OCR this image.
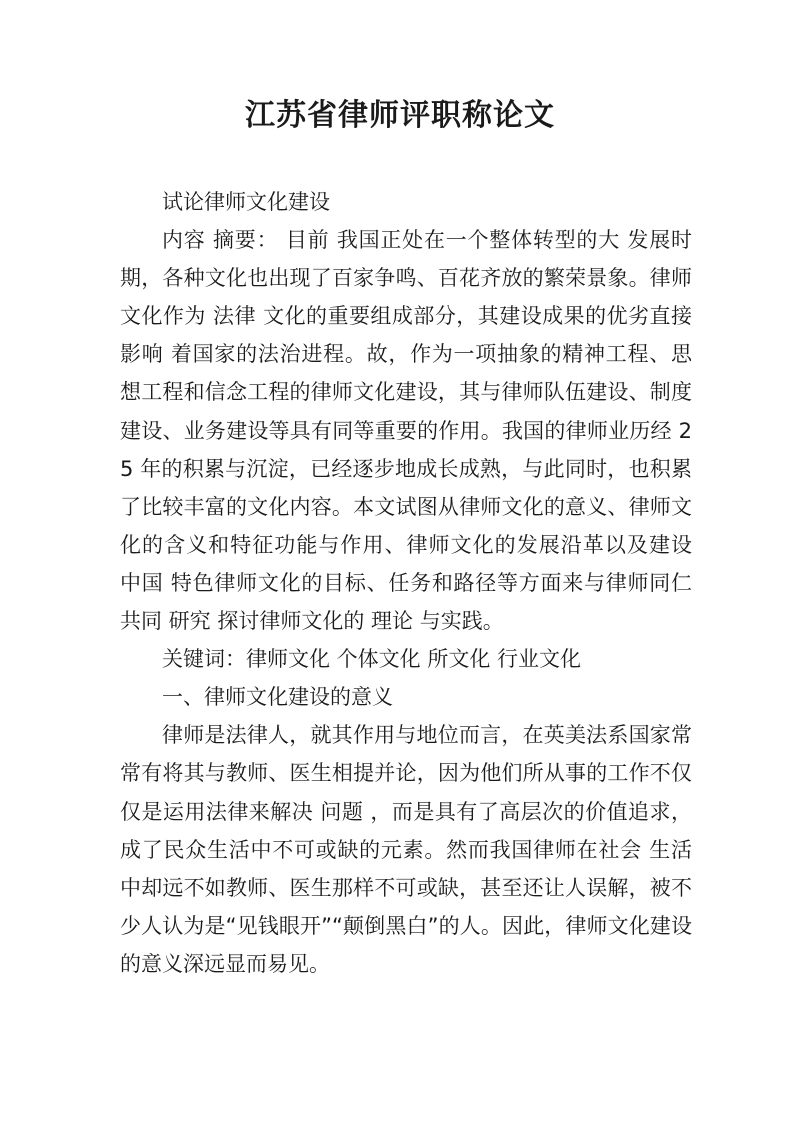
江苏省律师评职称论文

试论律师文化建设

内容 摘要： 目前 我国正处在一个整体转型的大 发展时期，各种文化也出现了百家争鸣、百花齐放的繁荣景象。律师文化作为 法律 文化的重要组成部分，其建设成果的优劣直接 影响 着国家的法治进程。故，作为一项抽象的精神工程、思想工程和信念工程的律师文化建设，其与律师队伍建设、制度建设、业务建设等具有同等重要的作用。我国的律师业历经 25 年的积累与沉淀，已经逐步地成长成熟，与此同时，也积累了比较丰富的文化内容。本文试图从律师文化的意义、律师文化的含义和特征功能与作用、律师文化的发展沿革以及建设 中国 特色律师文化的目标、任务和路径等方面来与律师同仁共同 研究 探讨律师文化的 理论 与实践。

关键词：律师文化 个体文化 所文化 行业文化

一、律师文化建设的意义

律师是法律人，就其作用与地位而言，在英美法系国家常常有将其与教师、医生相提并论，因为他们所从事的工作不仅仅是运用法律来解决 问题 ，而是具有了高层次的价值追求，成了民众生活中不可或缺的元素。然而我国律师在社会 生活中却远不如教师、医生那样不可或缺，甚至还让人误解，被不少人认为是“见钱眼开”“颠倒黑白”的人。因此，律师文化建设的意义深远显而易见。
